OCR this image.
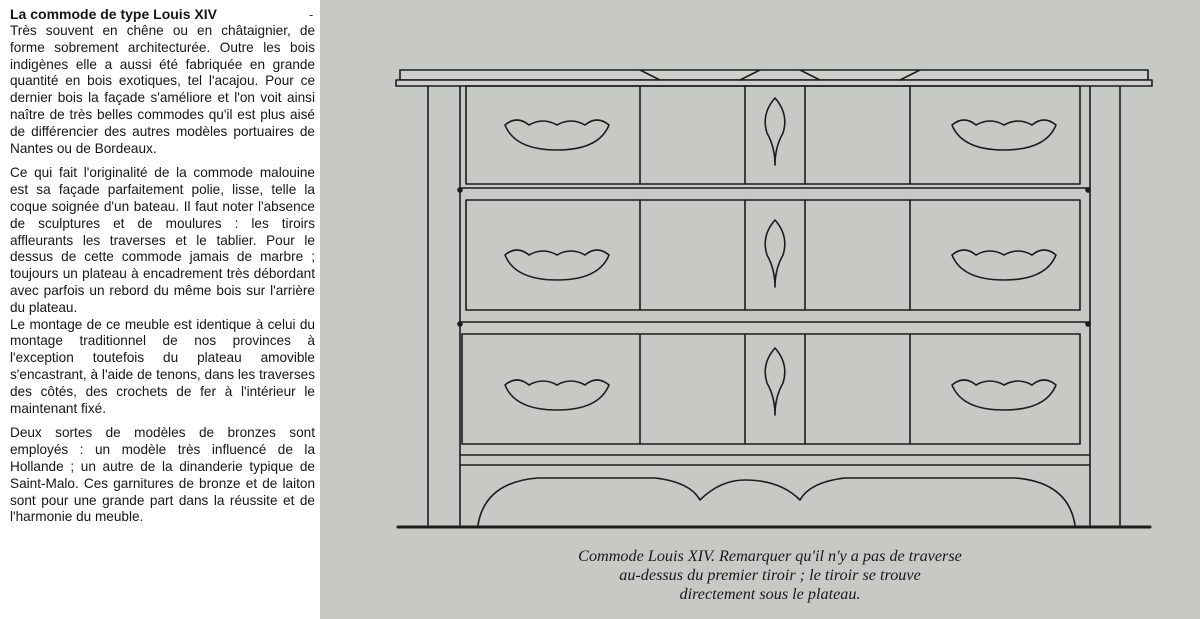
-

La commode de type Louis XIV

Très souvent en chêne ou en châtaignier, de forme sobrement architecturée. Outre les bois indigènes elle a aussi été fabriquée en grande quantité en bois exotiques, tel l'acajou. Pour ce dernier bois la façade s'améliore et l'on voit ainsi naître de très belles commodes qu'il est plus aisé de différencier des autres modèles portuaires de Nantes ou de Bordeaux.

Ce qui fait l'originalité de la commode malouine est sa façade parfaitement polie, lisse, telle la coque soignée d'un bateau. Il faut noter l'absence de sculptures et de moulures : les tiroirs affleurants les traverses et le tablier. Pour le dessus de cette commode jamais de marbre ; toujours un plateau à encadrement très débordant avec parfois un rebord du même bois sur l'arrière du plateau.

Le montage de ce meuble est identique à celui du montage traditionnel de nos provinces à l'exception toutefois du plateau amovible s'encastrant, à l'aide de tenons, dans les traverses des côtés, des crochets de fer à l'intérieur le maintenant fixé.

Deux sortes de modèles de bronzes sont employés : un modèle très influencé de la Hollande ; un autre de la dinanderie typique de Saint-Malo. Ces garnitures de bronze et de laiton sont pour une grande part dans la réussite et de l'harmonie du meuble.

Commode Louis XIV. Remarquer qu'il n'y a pas de traverse
au-dessus du premier tiroir ; le tiroir se trouve
directement sous le plateau.
